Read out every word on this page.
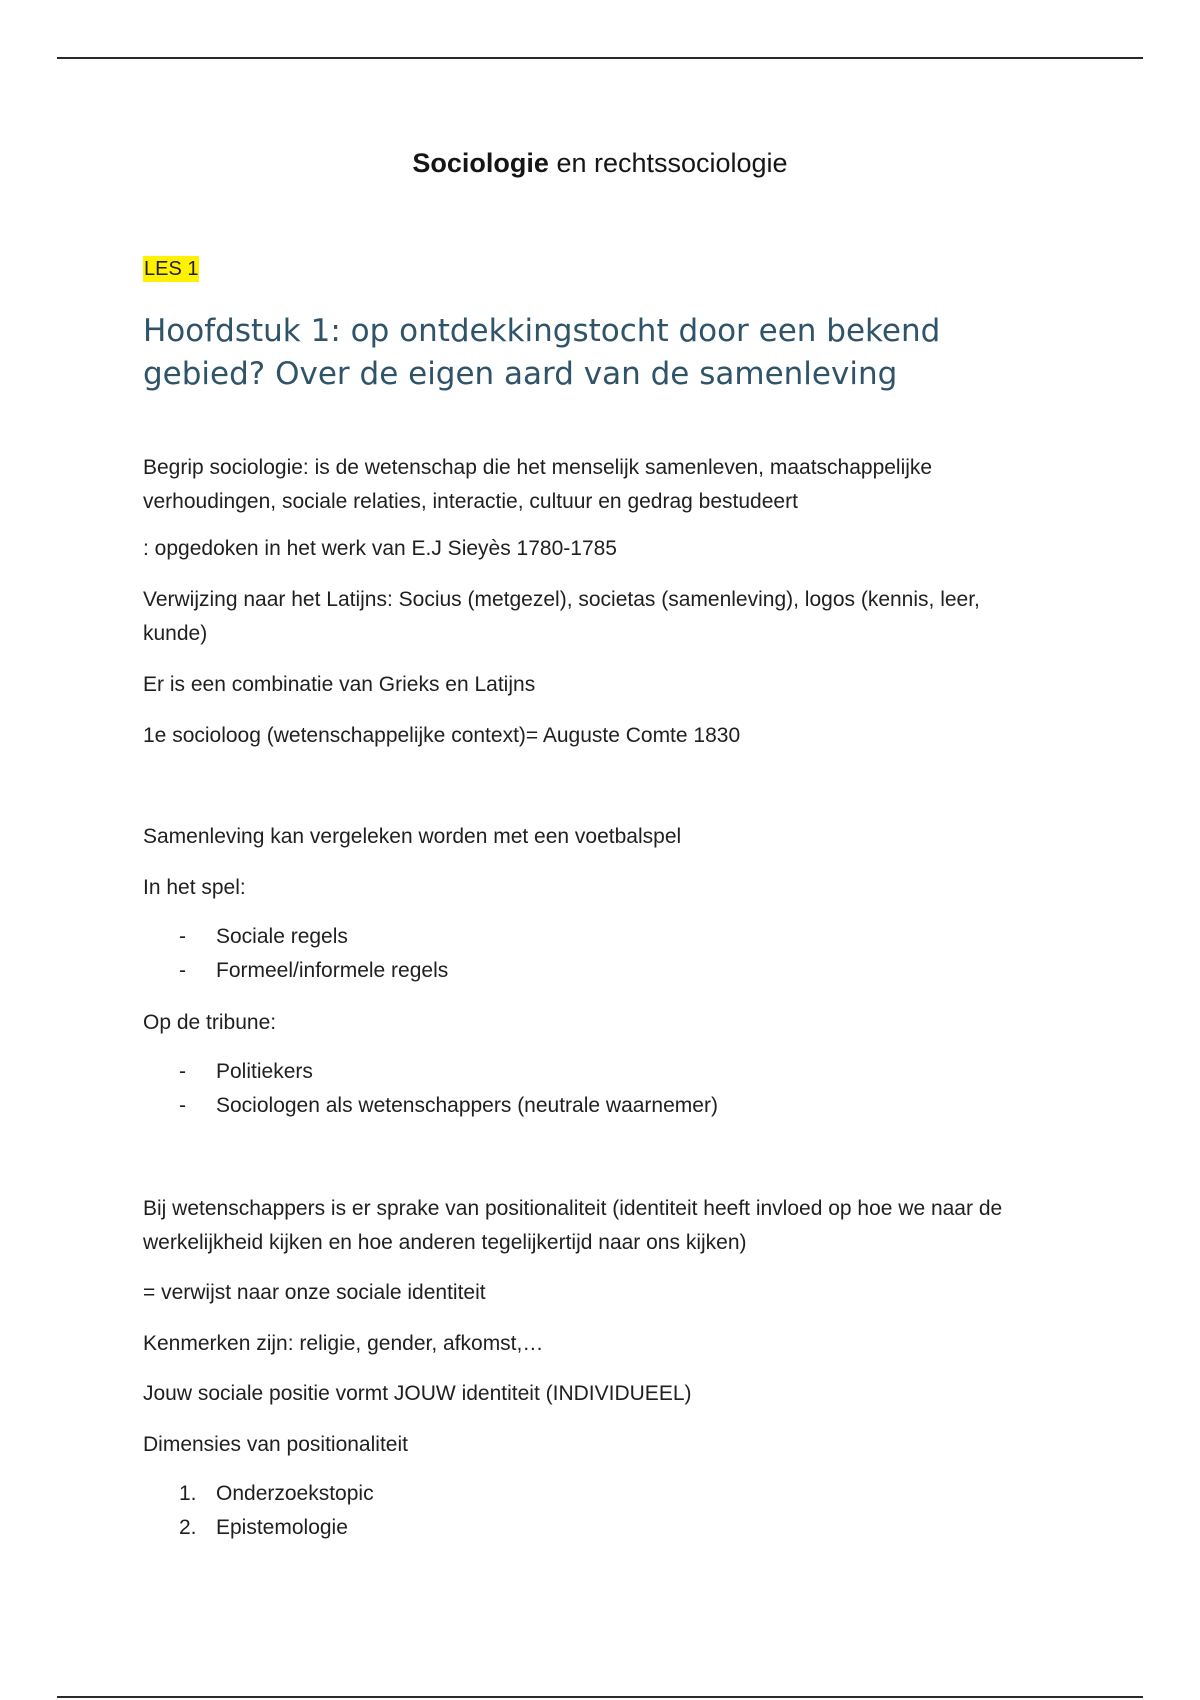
Sociologie en rechtssociologie
LES 1
Hoofdstuk 1: op ontdekkingstocht door een bekend gebied? Over de eigen aard van de samenleving

Begrip sociologie: is de wetenschap die het menselijk samenleven, maatschappelijke verhoudingen, sociale relaties, interactie, cultuur en gedrag bestudeert

: opgedoken in het werk van E.J Sieyès 1780-1785

Verwijzing naar het Latijns: Socius (metgezel), societas (samenleving), logos (kennis, leer, kunde)

Er is een combinatie van Grieks en Latijns

1e socioloog (wetenschappelijke context)= Auguste Comte 1830

Samenleving kan vergeleken worden met een voetbalspel

In het spel:

- Sociale regels
- Formeel/informele regels

Op de tribune:

- Politiekers
- Sociologen als wetenschappers (neutrale waarnemer)

Bij wetenschappers is er sprake van positionaliteit (identiteit heeft invloed op hoe we naar de werkelijkheid kijken en hoe anderen tegelijkertijd naar ons kijken)

= verwijst naar onze sociale identiteit

Kenmerken zijn: religie, gender, afkomst,…

Jouw sociale positie vormt JOUW identiteit (INDIVIDUEEL)

Dimensies van positionaliteit

1. Onderzoekstopic
2. Epistemologie
